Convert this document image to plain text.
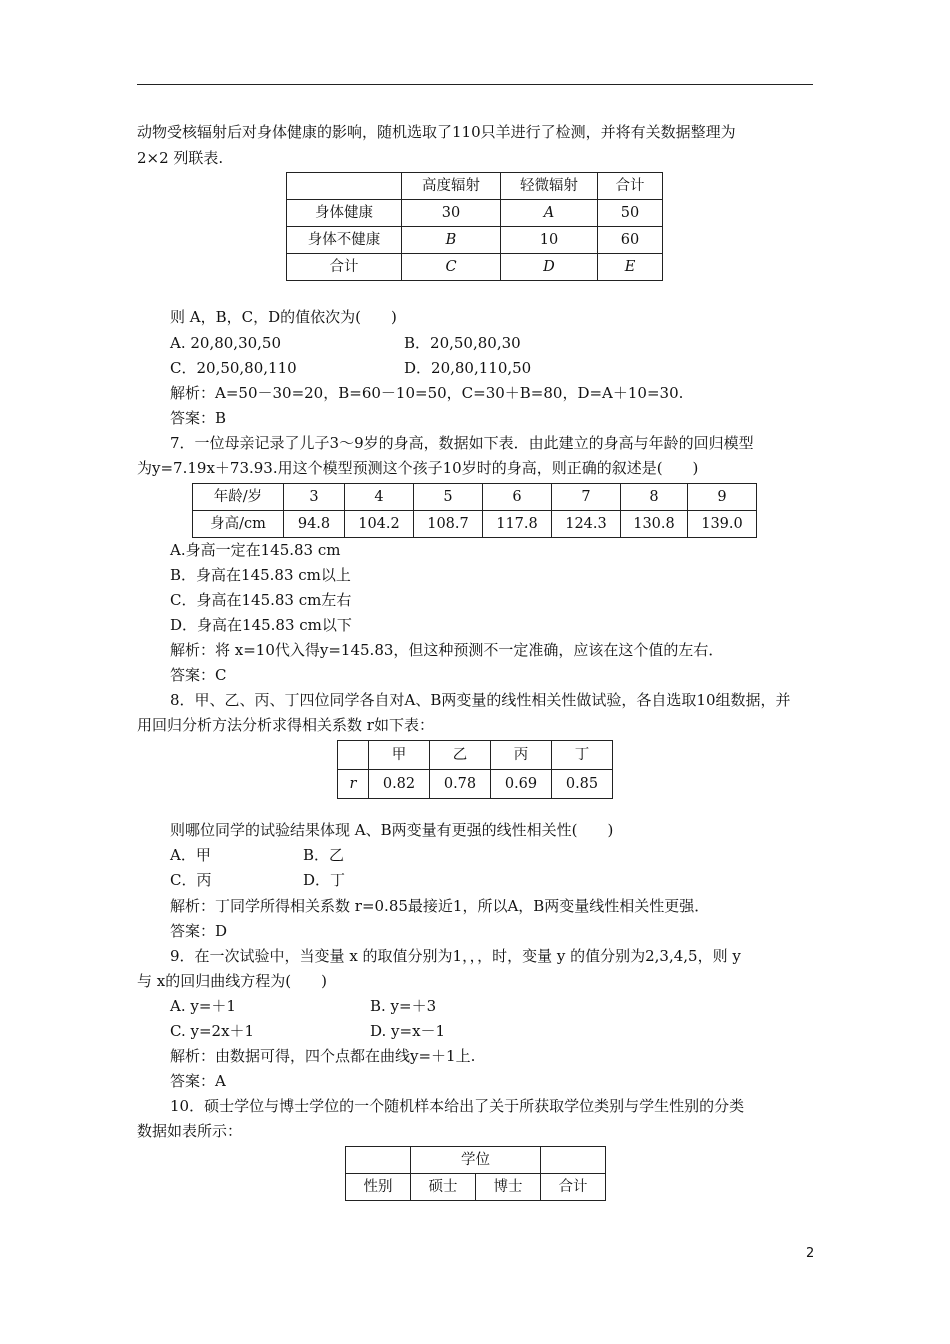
动物受核辐射后对身体健康的影响，随机选取了110只羊进行了检测，并将有关数据整理为
2×2 列联表.
	高度辐射	轻微辐射	合计
身体健康	30	A	50
身体不健康	B	10	60
合计	C	D	E
则 A，B，C，D的值依次为(　　)
A. 20,80,30,50	B．20,50,80,30
C．20,50,80,110	D．20,80,110,50
解析：A=50－30=20，B=60－10=50，C=30＋B=80，D=A＋10=30.
答案：B
7．一位母亲记录了儿子3～9岁的身高，数据如下表．由此建立的身高与年龄的回归模型
为y=7.19x＋73.93.用这个模型预测这个孩子10岁时的身高，则正确的叙述是(　　)
年龄/岁	3	4	5	6	7	8	9
身高/cm	94.8	104.2	108.7	117.8	124.3	130.8	139.0
A.身高一定在145.83 cm
B．身高在145.83 cm以上
C．身高在145.83 cm左右
D．身高在145.83 cm以下
解析：将 x=10代入得y=145.83，但这种预测不一定准确，应该在这个值的左右．
答案：C
8．甲、乙、丙、丁四位同学各自对A、B两变量的线性相关性做试验，各自选取10组数据，并
用回归分析方法分析求得相关系数 r如下表：
	甲	乙	丙	丁
r	0.82	0.78	0.69	0.85
则哪位同学的试验结果体现 A、B两变量有更强的线性相关性(　　)
A．甲	B．乙
C．丙	D．丁
解析：丁同学所得相关系数 r=0.85最接近1，所以A，B两变量线性相关性更强．
答案：D
9．在一次试验中，当变量 x 的取值分别为1，，，时，变量 y 的值分别为2,3,4,5，则 y
与 x的回归曲线方程为(　　)
A. y=＋1	B. y=＋3
C. y=2x＋1	D. y=x－1
解析：由数据可得，四个点都在曲线y=＋1上.
答案：A
10．硕士学位与博士学位的一个随机样本给出了关于所获取学位类别与学生性别的分类
数据如表所示：
	学位		
性别	硕士	博士	合计
2
